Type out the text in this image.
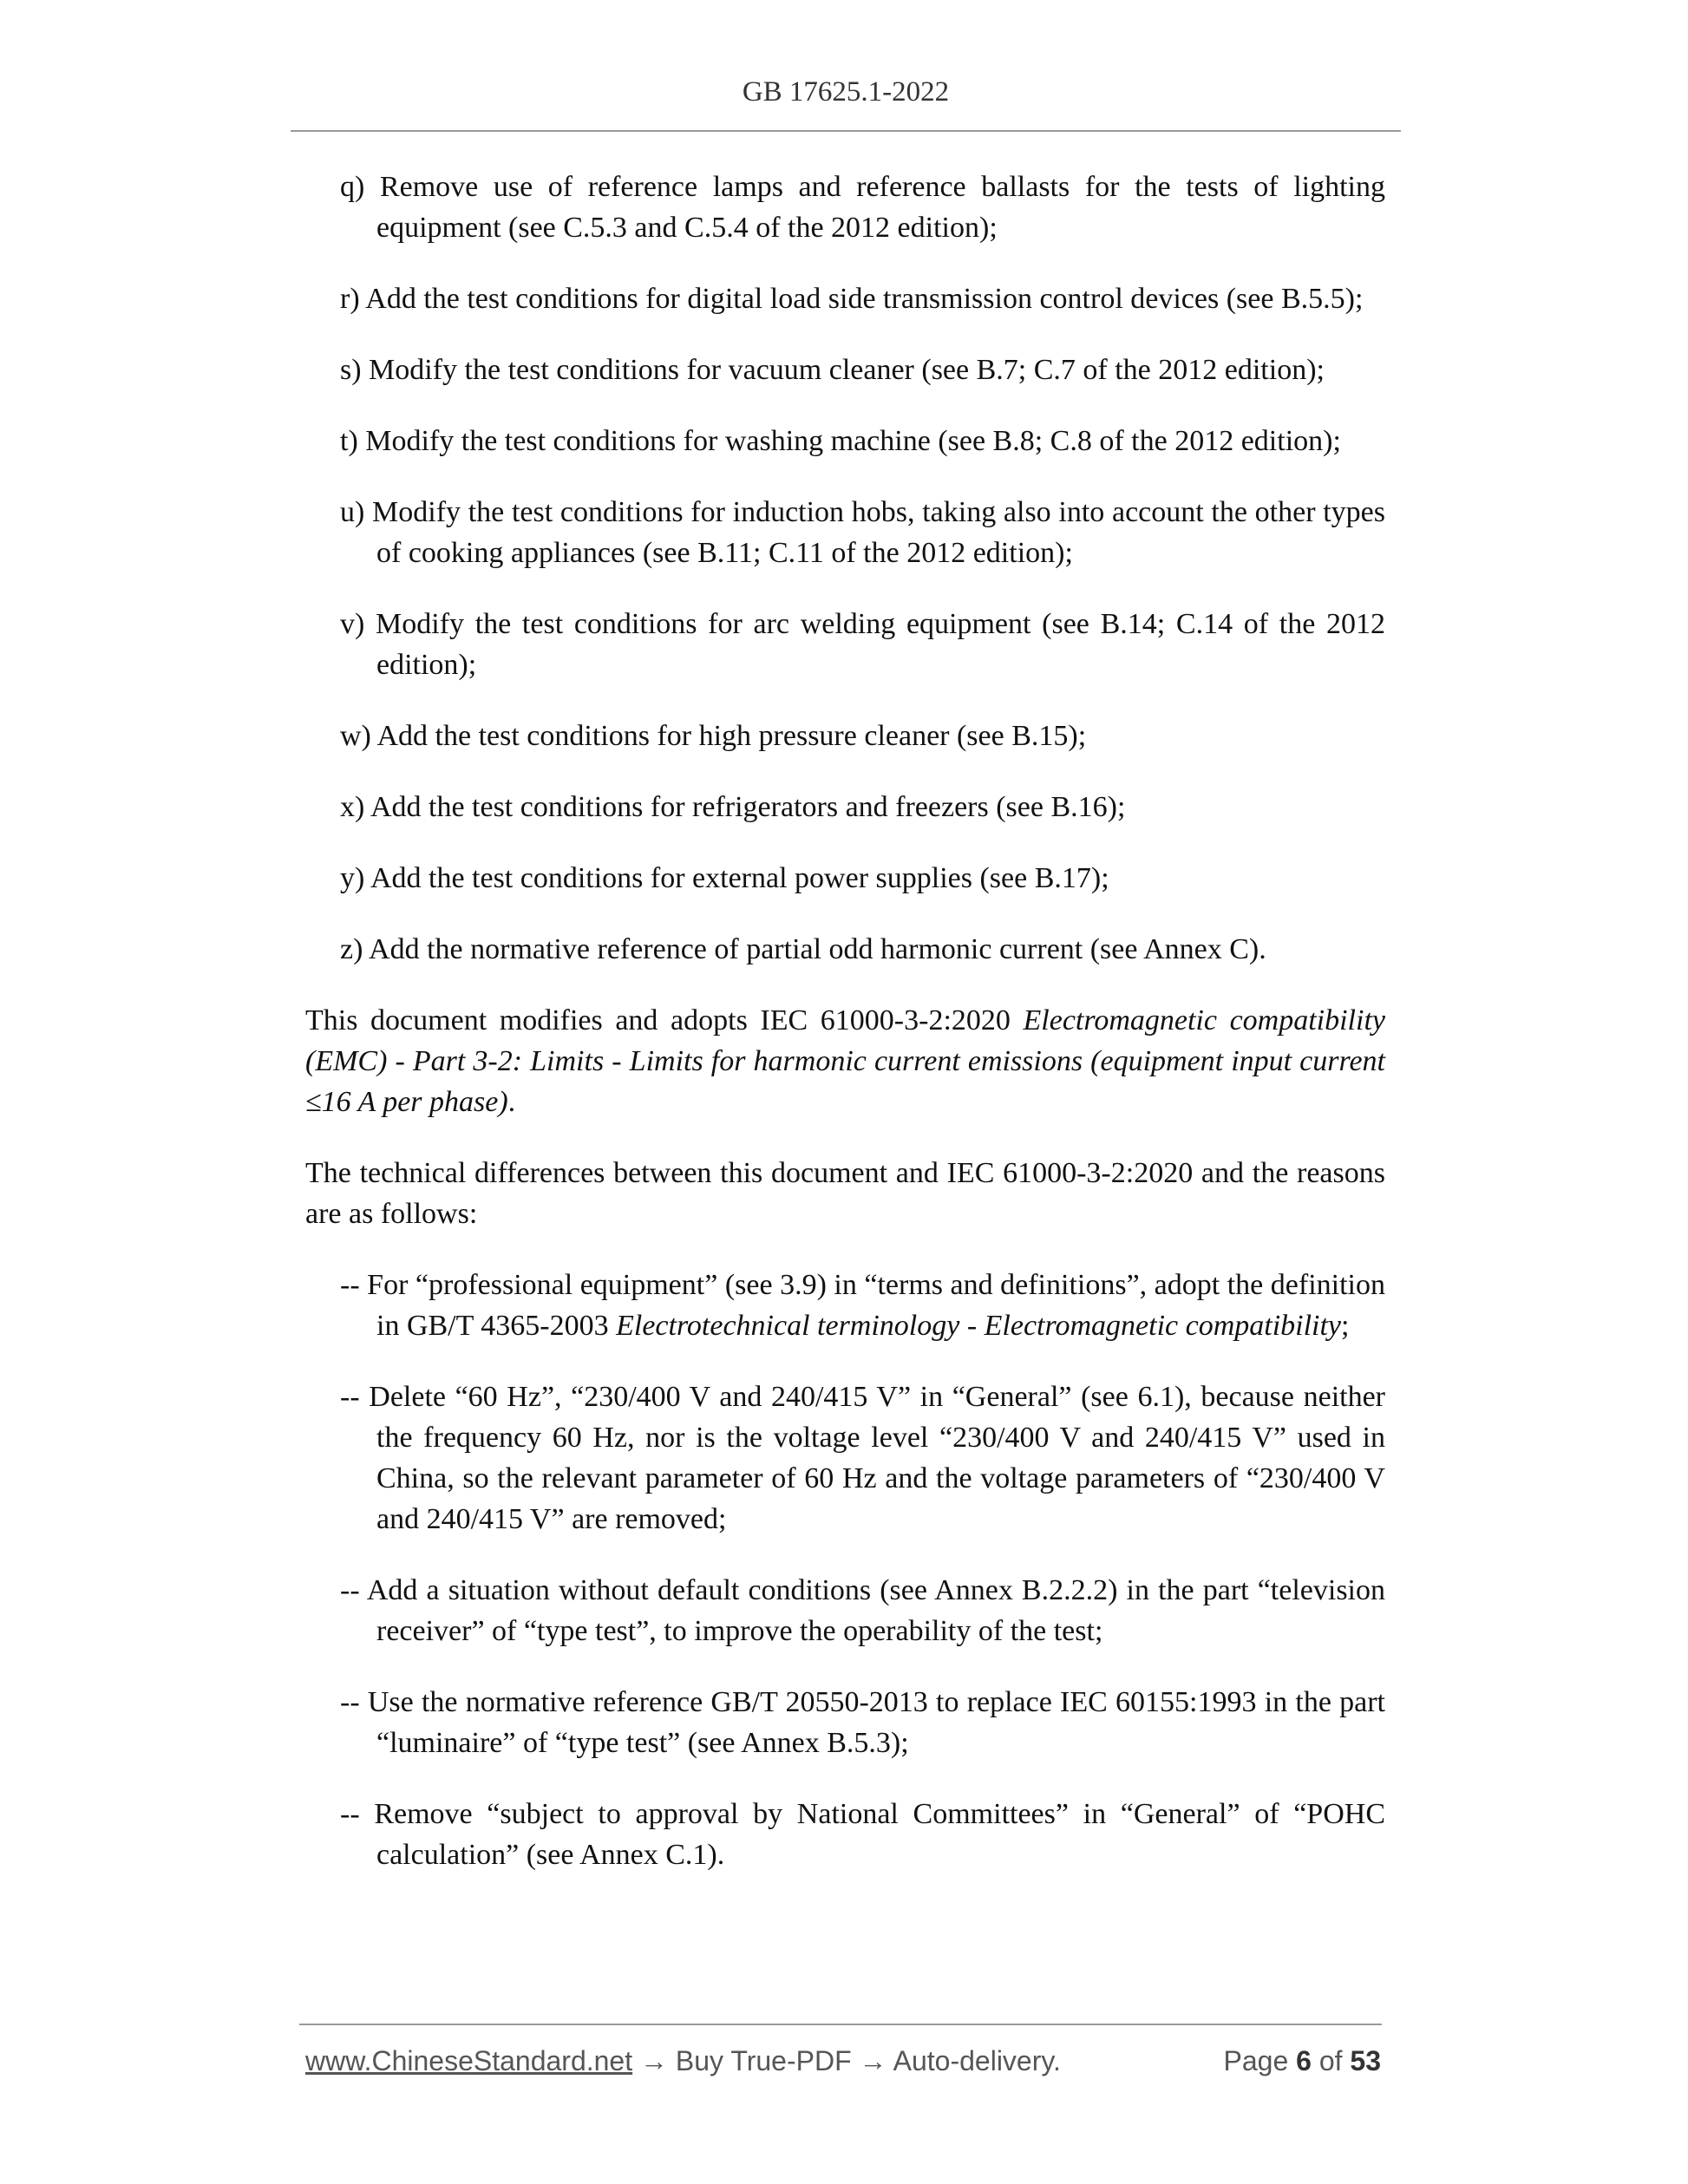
GB 17625.1-2022

q) Remove use of reference lamps and reference ballasts for the tests of lighting equipment (see C.5.3 and C.5.4 of the 2012 edition);

r) Add the test conditions for digital load side transmission control devices (see B.5.5);

s) Modify the test conditions for vacuum cleaner (see B.7; C.7 of the 2012 edition);

t) Modify the test conditions for washing machine (see B.8; C.8 of the 2012 edition);

u) Modify the test conditions for induction hobs, taking also into account the other types of cooking appliances (see B.11; C.11 of the 2012 edition);

v) Modify the test conditions for arc welding equipment (see B.14; C.14 of the 2012 edition);

w) Add the test conditions for high pressure cleaner (see B.15);

x) Add the test conditions for refrigerators and freezers (see B.16);

y) Add the test conditions for external power supplies (see B.17);

z) Add the normative reference of partial odd harmonic current (see Annex C).

This document modifies and adopts IEC 61000-3-2:2020 Electromagnetic compatibility (EMC) - Part 3-2: Limits - Limits for harmonic current emissions (equipment input current ≤16 A per phase).

The technical differences between this document and IEC 61000-3-2:2020 and the reasons are as follows:

-- For “professional equipment” (see 3.9) in “terms and definitions”, adopt the definition in GB/T 4365-2003 Electrotechnical terminology - Electromagnetic compatibility;

-- Delete “60 Hz”, “230/400 V and 240/415 V” in “General” (see 6.1), because neither the frequency 60 Hz, nor is the voltage level “230/400 V and 240/415 V” used in China, so the relevant parameter of 60 Hz and the voltage parameters of “230/400 V and 240/415 V” are removed;

-- Add a situation without default conditions (see Annex B.2.2.2) in the part “television receiver” of “type test”, to improve the operability of the test;

-- Use the normative reference GB/T 20550-2013 to replace IEC 60155:1993 in the part “luminaire” of “type test” (see Annex B.5.3);

-- Remove “subject to approval by National Committees” in “General” of “POHC calculation” (see Annex C.1).

www.ChineseStandard.net → Buy True-PDF → Auto-delivery.	Page 6 of 53
